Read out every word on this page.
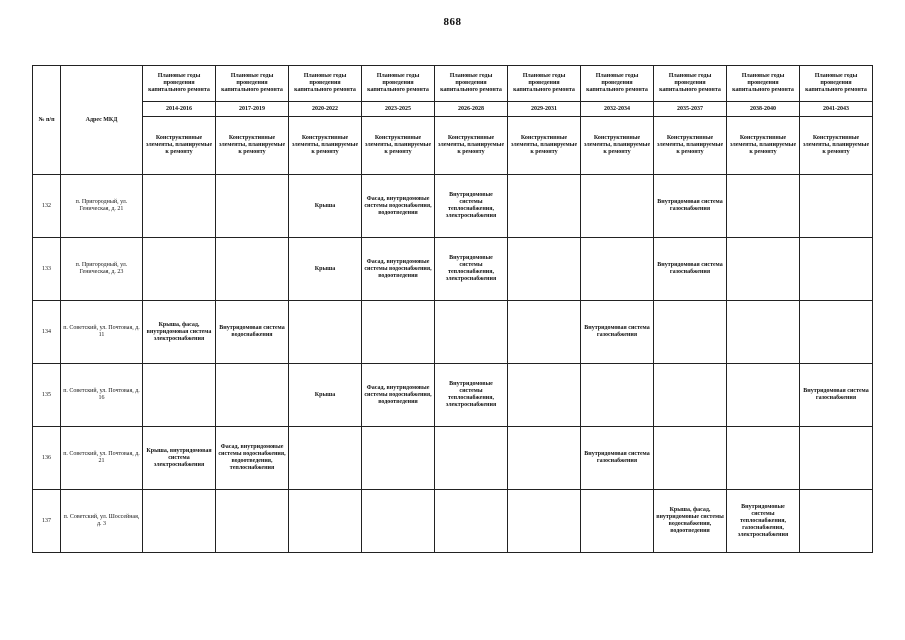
868
№ п/п	Адрес МКД	Плановые годы проведения капитального ремонта	Плановые годы проведения капитального ремонта	Плановые годы проведения капитального ремонта	Плановые годы проведения капитального ремонта	Плановые годы проведения капитального ремонта	Плановые годы проведения капитального ремонта	Плановые годы проведения капитального ремонта	Плановые годы проведения капитального ремонта	Плановые годы проведения капитального ремонта	Плановые годы проведения капитального ремонта
		2014-2016	2017-2019	2020-2022	2023-2025	2026-2028	2029-2031	2032-2034	2035-2037	2038-2040	2041-2043
		Конструктивные элементы, планируемые к ремонту	Конструктивные элементы, планируемые к ремонту	Конструктивные элементы, планируемые к ремонту	Конструктивные элементы, планируемые к ремонту	Конструктивные элементы, планируемые к ремонту	Конструктивные элементы, планируемые к ремонту	Конструктивные элементы, планируемые к ремонту	Конструктивные элементы, планируемые к ремонту	Конструктивные элементы, планируемые к ремонту	Конструктивные элементы, планируемые к ремонту
132	п. Пригородный, ул. Геническая, д. 21			Крыша	Фасад, внутридомовые системы водоснабжения, водоотведения	Внутридомовые системы теплоснабжения, электроснабжения			Внутридомовая система газоснабжения		
133	п. Пригородный, ул. Геническая, д. 23			Крыша	Фасад, внутридомовые системы водоснабжения, водоотведения	Внутридомовые системы теплоснабжения, электроснабжения			Внутридомовая система газоснабжения		
134	п. Советский, ул. Почтовая, д. 11	Крыша, фасад, внутридомовая система электроснабжения	Внутридомовая система водоснабжения					Внутридомовая система газоснабжения			
135	п. Советский, ул. Почтовая, д. 16			Крыша	Фасад, внутридомовые системы водоснабжения, водоотведения	Внутридомовые системы теплоснабжения, электроснабжения					Внутридомовая система газоснабжения
136	п. Советский, ул. Почтовая, д. 21	Крыша, внутридомовая система электроснабжения	Фасад, внутридомовые системы водоснабжения, водоотведения, теплоснабжения					Внутридомовая система газоснабжения			
137	п. Советский, ул. Шоссейная, д. 3								Крыша, фасад, внутридомовые системы водоснабжения, водоотведения	Внутридомовые системы теплоснабжения, газоснабжения, электроснабжения	
